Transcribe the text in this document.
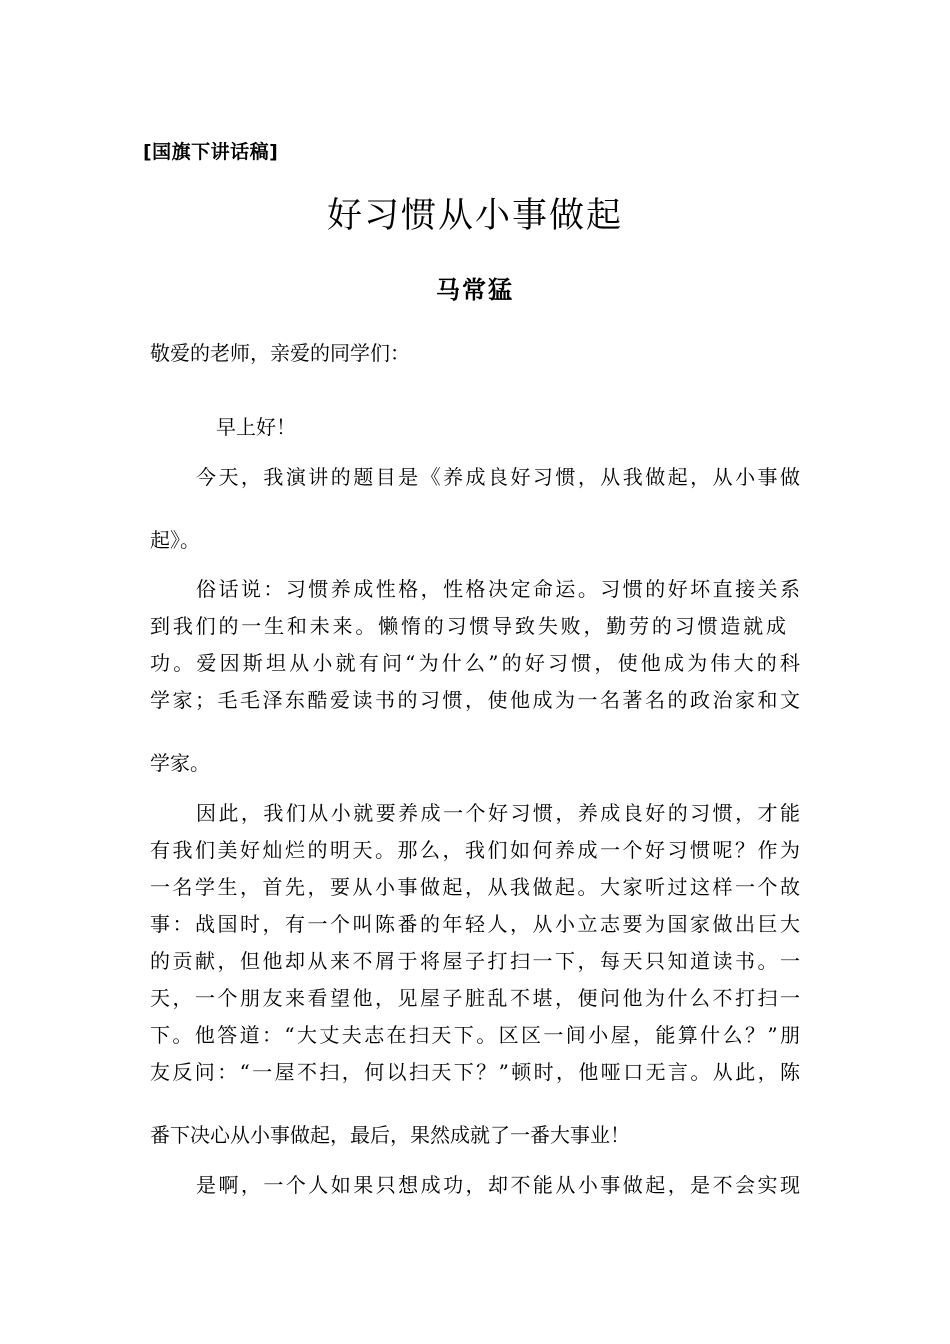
[国旗下讲话稿]
好习惯从小事做起
马常猛
敬爱的老师，亲爱的同学们：
早上好！
今天，我演讲的题目是《养成良好习惯，从我做起，从小事做
起》。
俗话说：习惯养成性格，性格决定命运。习惯的好坏直接关系
到我们的一生和未来。懒惰的习惯导致失败，勤劳的习惯造就成
功。爱因斯坦从小就有问“为什么”的好习惯，使他成为伟大的科
学家；毛毛泽东酷爱读书的习惯，使他成为一名著名的政治家和文
学家。
因此，我们从小就要养成一个好习惯，养成良好的习惯，才能
有我们美好灿烂的明天。那么，我们如何养成一个好习惯呢？作为
一名学生，首先，要从小事做起，从我做起。大家听过这样一个故
事：战国时，有一个叫陈番的年轻人，从小立志要为国家做出巨大
的贡献，但他却从来不屑于将屋子打扫一下，每天只知道读书。一
天，一个朋友来看望他，见屋子脏乱不堪，便问他为什么不打扫一
下。他答道：“大丈夫志在扫天下。区区一间小屋，能算什么？”朋
友反问：“一屋不扫，何以扫天下？”顿时，他哑口无言。从此，陈
番下决心从小事做起，最后，果然成就了一番大事业！
是啊，一个人如果只想成功，却不能从小事做起，是不会实现
